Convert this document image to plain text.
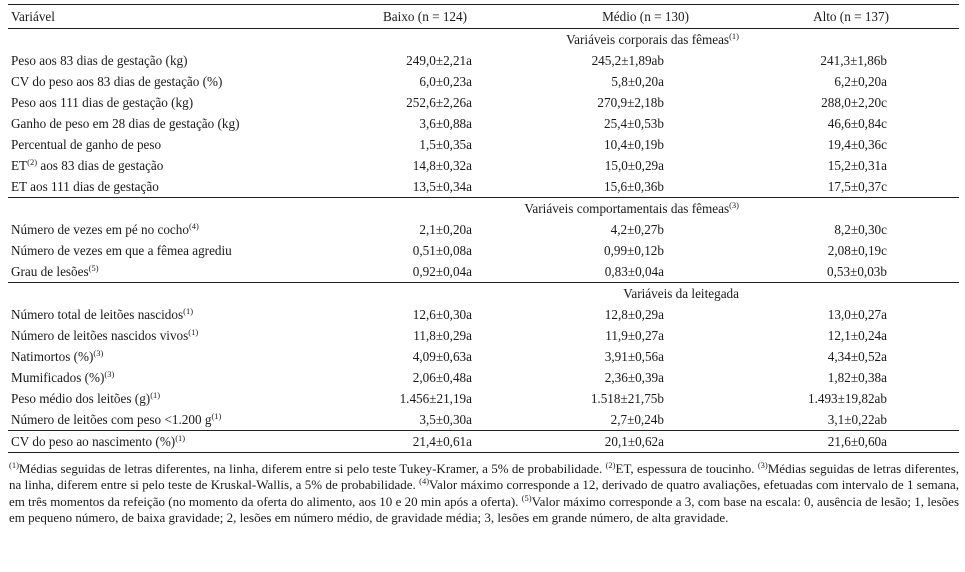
Variável	Baixo (n = 124)	Médio (n = 130)	Alto (n = 137)
Variáveis corporais das fêmeas$^{(1)}$
Peso aos 83 dias de gestação (kg)	249,0±2,21a	245,2±1,89ab	241,3±1,86b
CV do peso aos 83 dias de gestação (%)	6,0±0,23a	5,8±0,20a	6,2±0,20a
Peso aos 111 dias de gestação (kg)	252,6±2,26a	270,9±2,18b	288,0±2,20c
Ganho de peso em 28 dias de gestação (kg)	3,6±0,88a	25,4±0,53b	46,6±0,84c
Percentual de ganho de peso	1,5±0,35a	10,4±0,19b	19,4±0,36c
ET$^{(2)}$ aos 83 dias de gestação	14,8±0,32a	15,0±0,29a	15,2±0,31a
ET aos 111 dias de gestação	13,5±0,34a	15,6±0,36b	17,5±0,37c
Variáveis comportamentais das fêmeas$^{(3)}$
Número de vezes em pé no cocho$^{(4)}$	2,1±0,20a	4,2±0,27b	8,2±0,30c
Número de vezes em que a fêmea agrediu	0,51±0,08a	0,99±0,12b	2,08±0,19c
Grau de lesões$^{(5)}$	0,92±0,04a	0,83±0,04a	0,53±0,03b
Variáveis da leitegada			
Número total de leitões nascidos$^{(1)}$	12,6±0,30a	12,8±0,29a	13,0±0,27a
Número de leitões nascidos vivos$^{(1)}$	11,8±0,29a	11,9±0,27a	12,1±0,24a
Natimortos (%)$^{(3)}$	4,09±0,63a	3,91±0,56a	4,34±0,52a
Mumificados (%)$^{(3)}$	2,06±0,48a	2,36±0,39a	1,82±0,38a
Peso médio dos leitões $(g)^{(1)}$	1.456±21,19a	1.518±21,75b	1.493±19,82ab
Número de leitões com peso <1.200 $g^{(1)}$	3,5±0,30a	2,7±0,24b	3,1±0,22ab
CV do peso ao nascimento (%)$^{(1)}$	21,4±0,61a	20,1±0,62a	21,6±0,60a

$^{(1)}$Médias seguidas de letras diferentes, na linha, diferem entre si pelo teste Tukey-Kramer, a 5% de probabilidade. $^{(2)}$ET, espessura de toucinho. $^{(3)}$Médias seguidas de letras diferentes, na linha, diferem entre si pelo teste de Kruskal-Wallis, a 5% de probabilidade. $^{(4)}$Valor máximo corresponde a 12, derivado de quatro avaliações, efetuadas com intervalo de 1 semana, em três momentos da refeição (no momento da oferta do alimento, aos 10 e 20 min após a oferta). $^{(5)}$Valor máximo corresponde a 3, com base na escala: 0, ausência de lesão; 1, lesões em pequeno número, de baixa gravidade; 2, lesões em número médio, de gravidade média; 3, lesões em grande número, de alta gravidade.
